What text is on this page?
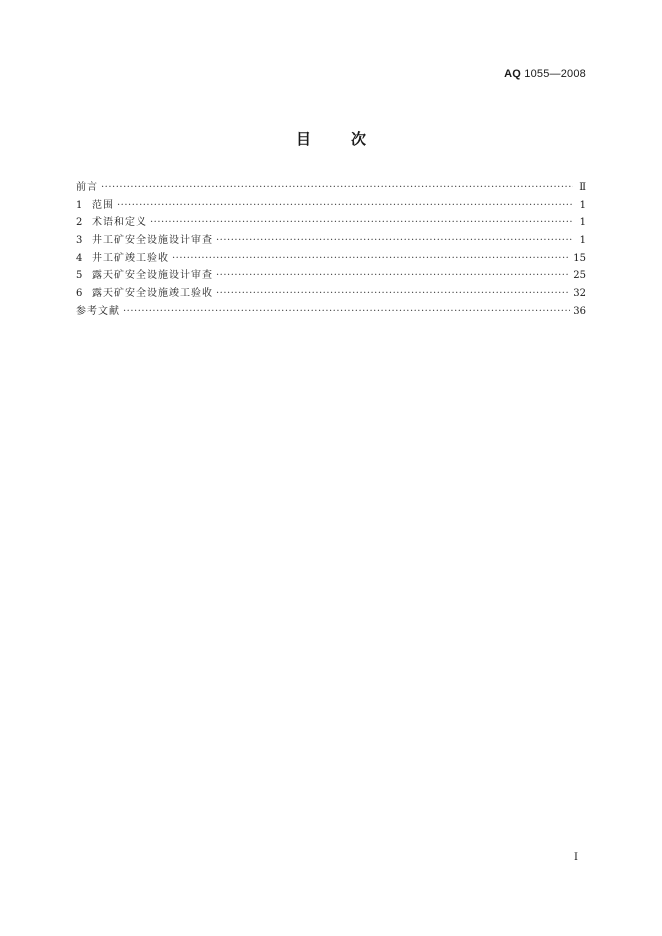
AQ 1055—2008
目	次
前言 ·····	Ⅱ
1 范围 ·····	1
2 术语和定义 ·····	1
3 井工矿安全设施设计审查 ·····	1
4 井工矿竣工验收 ·····	15
5 露天矿安全设施设计审查 ·····	25
6 露天矿安全设施竣工验收 ·····	32
参考文献 ·····	36
Ⅰ
